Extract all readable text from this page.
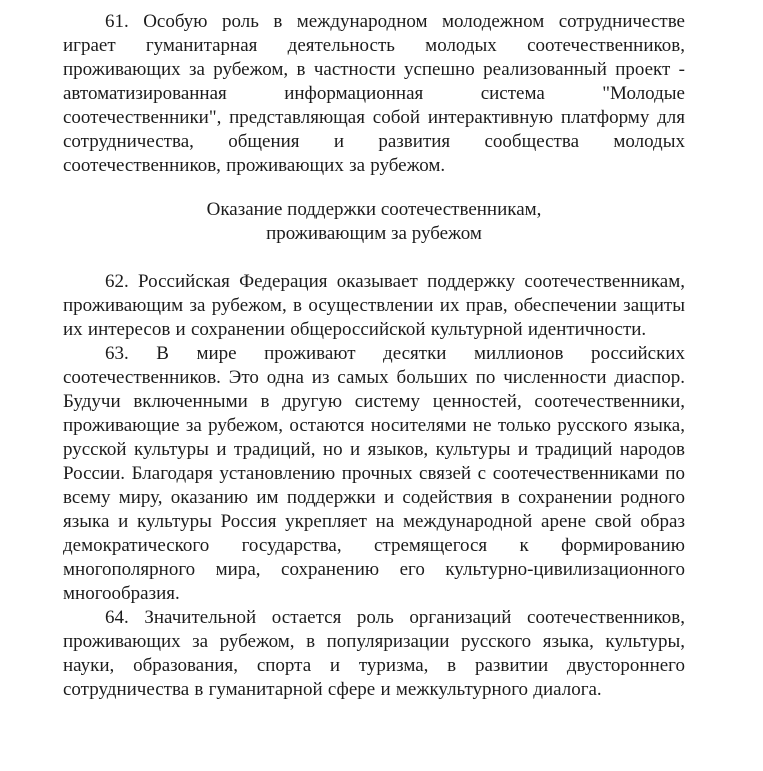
61. Особую роль в международном молодежном сотрудничестве играет гуманитарная деятельность молодых соотечественников, проживающих за рубежом, в частности успешно реализованный проект - автоматизированная информационная система "Молодые соотечественники", представляющая собой интерактивную платформу для сотрудничества, общения и развития сообщества молодых соотечественников, проживающих за рубежом.

Оказание поддержки соотечественникам,
проживающим за рубежом

62. Российская Федерация оказывает поддержку соотечественникам, проживающим за рубежом, в осуществлении их прав, обеспечении защиты их интересов и сохранении общероссийской культурной идентичности.

63. В мире проживают десятки миллионов российских соотечественников. Это одна из самых больших по численности диаспор. Будучи включенными в другую систему ценностей, соотечественники, проживающие за рубежом, остаются носителями не только русского языка, русской культуры и традиций, но и языков, культуры и традиций народов России. Благодаря установлению прочных связей с соотечественниками по всему миру, оказанию им поддержки и содействия в сохранении родного языка и культуры Россия укрепляет на международной арене свой образ демократического государства, стремящегося к формированию многополярного мира, сохранению его культурно-цивилизационного многообразия.

64. Значительной остается роль организаций соотечественников, проживающих за рубежом, в популяризации русского языка, культуры, науки, образования, спорта и туризма, в развитии двустороннего сотрудничества в гуманитарной сфере и межкультурного диалога.
